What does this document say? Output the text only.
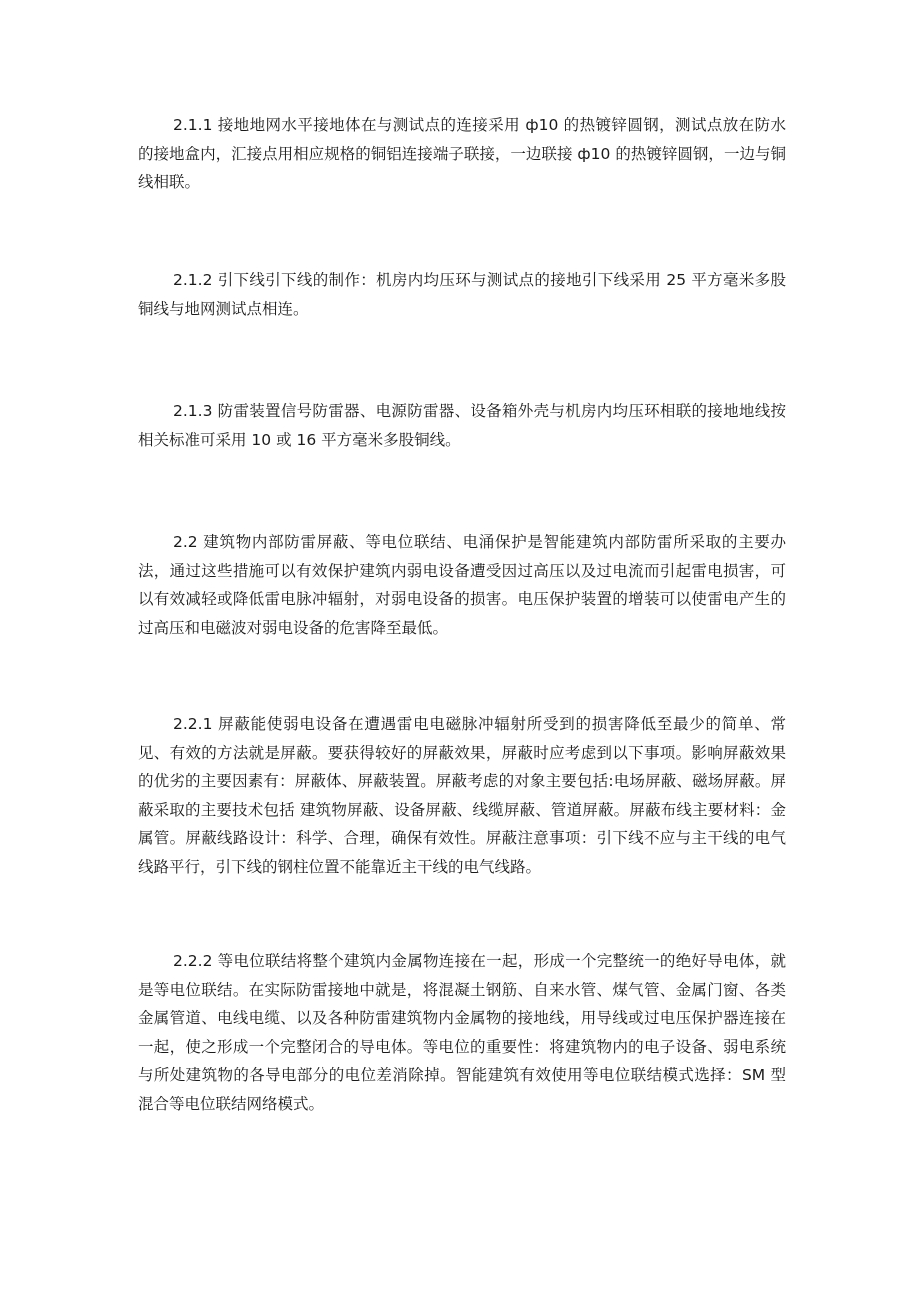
2.1.1 接地地网水平接地体在与测试点的连接采用 ф10 的热镀锌圆钢，测试点放在防水的接地盒内，汇接点用相应规格的铜铝连接端子联接，一边联接 ф10 的热镀锌圆钢，一边与铜线相联。

2.1.2 引下线引下线的制作：机房内均压环与测试点的接地引下线采用 25 平方毫米多股铜线与地网测试点相连。

2.1.3 防雷装置信号防雷器、电源防雷器、设备箱外壳与机房内均压环相联的接地地线按相关标准可采用 10 或 16 平方毫米多股铜线。

2.2 建筑物内部防雷屏蔽、等电位联结、电涌保护是智能建筑内部防雷所采取的主要办法，通过这些措施可以有效保护建筑内弱电设备遭受因过高压以及过电流而引起雷电损害，可以有效减轻或降低雷电脉冲辐射，对弱电设备的损害。电压保护装置的增装可以使雷电产生的过高压和电磁波对弱电设备的危害降至最低。

2.2.1 屏蔽能使弱电设备在遭遇雷电电磁脉冲辐射所受到的损害降低至最少的简单、常见、有效的方法就是屏蔽。要获得较好的屏蔽效果，屏蔽时应考虑到以下事项。影响屏蔽效果的优劣的主要因素有：屏蔽体、屏蔽装置。屏蔽考虑的对象主要包括:电场屏蔽、磁场屏蔽。屏蔽采取的主要技术包括 建筑物屏蔽、设备屏蔽、线缆屏蔽、管道屏蔽。屏蔽布线主要材料：金属管。屏蔽线路设计：科学、合理，确保有效性。屏蔽注意事项：引下线不应与主干线的电气线路平行，引下线的钢柱位置不能靠近主干线的电气线路。

2.2.2 等电位联结将整个建筑内金属物连接在一起，形成一个完整统一的绝好导电体，就是等电位联结。在实际防雷接地中就是，将混凝土钢筋、自来水管、煤气管、金属门窗、各类金属管道、电线电缆、以及各种防雷建筑物内金属物的接地线，用导线或过电压保护器连接在一起，使之形成一个完整闭合的导电体。等电位的重要性：将建筑物内的电子设备、弱电系统与所处建筑物的各导电部分的电位差消除掉。智能建筑有效使用等电位联结模式选择：SM 型混合等电位联结网络模式。
